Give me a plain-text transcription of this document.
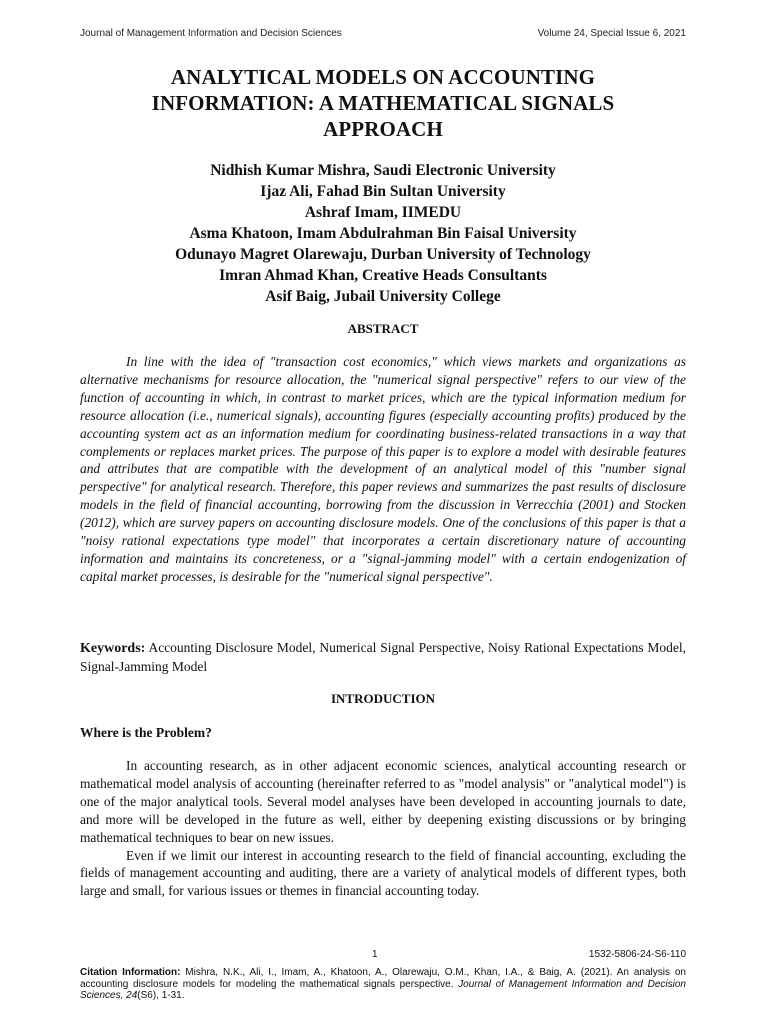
Journal of Management Information and Decision Sciences	Volume 24, Special Issue 6, 2021
ANALYTICAL MODELS ON ACCOUNTING
INFORMATION: A MATHEMATICAL SIGNALS
APPROACH
Nidhish Kumar Mishra, Saudi Electronic University
Ijaz Ali, Fahad Bin Sultan University
Ashraf Imam, IIMEDU
Asma Khatoon, Imam Abdulrahman Bin Faisal University
Odunayo Magret Olarewaju, Durban University of Technology
Imran Ahmad Khan, Creative Heads Consultants
Asif Baig, Jubail University College
ABSTRACT
In line with the idea of "transaction cost economics," which views markets and organizations as alternative mechanisms for resource allocation, the "numerical signal perspective" refers to our view of the function of accounting in which, in contrast to market prices, which are the typical information medium for resource allocation (i.e., numerical signals), accounting figures (especially accounting profits) produced by the accounting system act as an information medium for coordinating business-related transactions in a way that complements or replaces market prices. The purpose of this paper is to explore a model with desirable features and attributes that are compatible with the development of an analytical model of this "number signal perspective" for analytical research. Therefore, this paper reviews and summarizes the past results of disclosure models in the field of financial accounting, borrowing from the discussion in Verrecchia (2001) and Stocken (2012), which are survey papers on accounting disclosure models. One of the conclusions of this paper is that a "noisy rational expectations type model" that incorporates a certain discretionary nature of accounting information and maintains its concreteness, or a "signal-jamming model" with a certain endogenization of capital market processes, is desirable for the "numerical signal perspective".
Keywords: Accounting Disclosure Model, Numerical Signal Perspective, Noisy Rational Expectations Model, Signal-Jamming Model
INTRODUCTION
Where is the Problem?

In accounting research, as in other adjacent economic sciences, analytical accounting research or mathematical model analysis of accounting (hereinafter referred to as "model analysis" or "analytical model") is one of the major analytical tools. Several model analyses have been developed in accounting journals to date, and more will be developed in the future as well, either by deepening existing discussions or by bringing mathematical techniques to bear on new issues.

Even if we limit our interest in accounting research to the field of financial accounting, excluding the fields of management accounting and auditing, there are a variety of analytical models of different types, both large and small, for various issues or themes in financial accounting today.

1	1532-5806-24-S6-110
Citation Information: Mishra, N.K., Ali, I., Imam, A., Khatoon, A., Olarewaju, O.M., Khan, I.A., & Baig, A. (2021). An analysis on accounting disclosure models for modeling the mathematical signals perspective. Journal of Management Information and Decision Sciences, 24(S6), 1-31.
